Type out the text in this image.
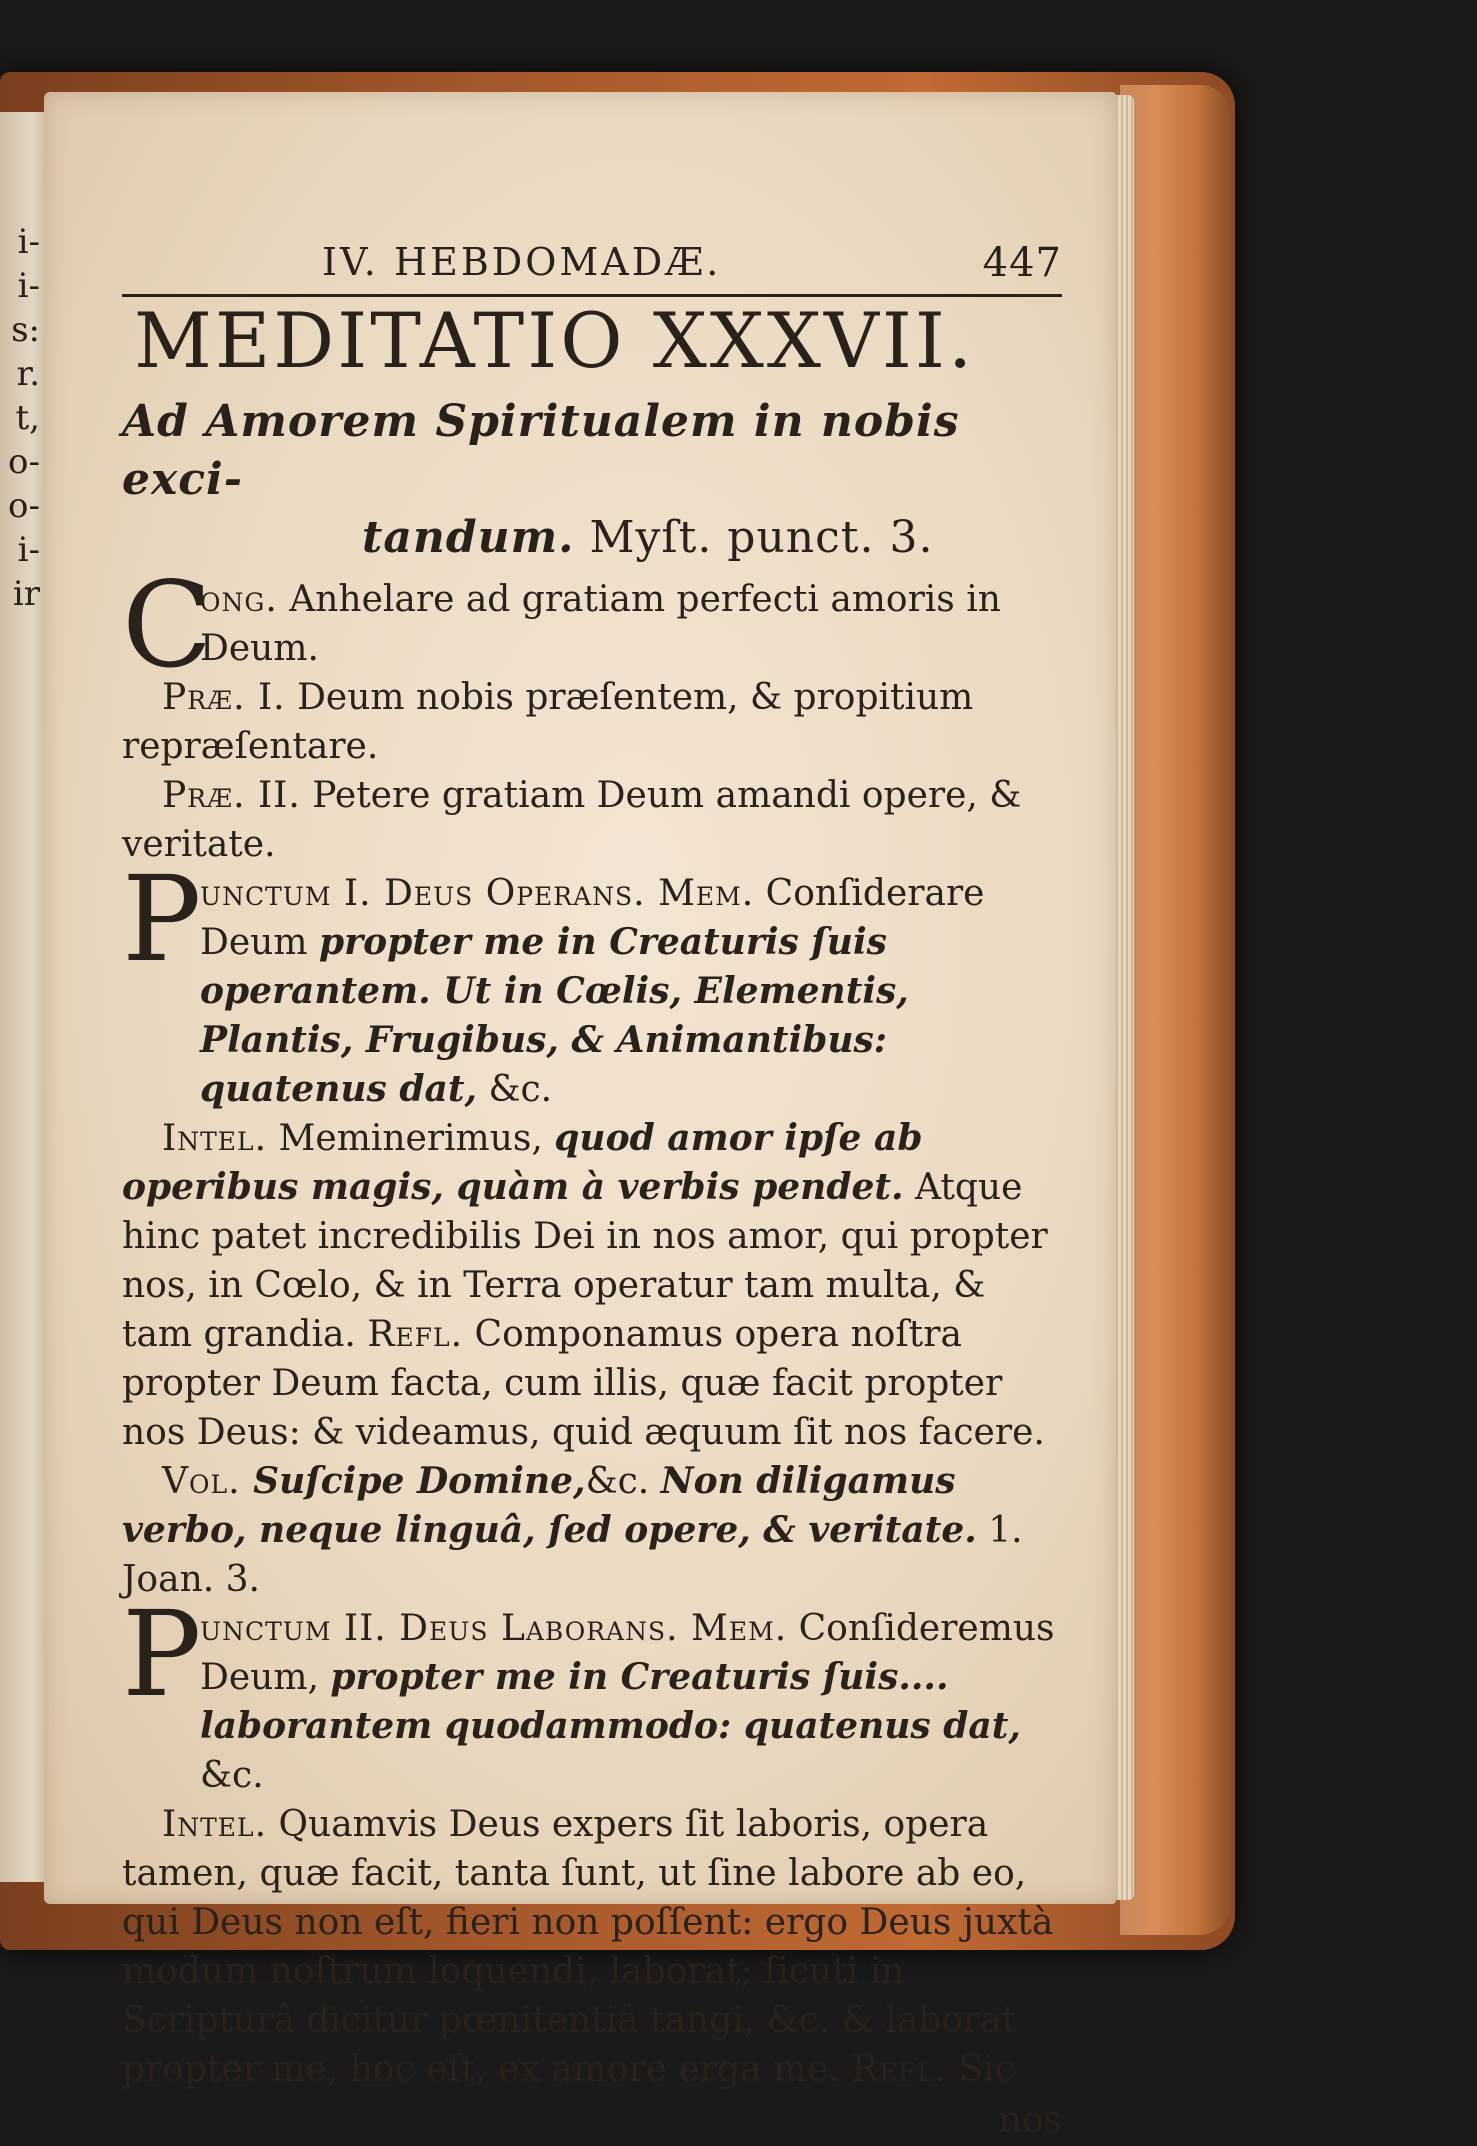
i-
i-
s:
r.
t,
o-
o-
i-
ir
IV. HEBDOMADÆ.	447
MEDITATIO XXXVII.
Ad Amorem Spiritualem in nobis exci-
tandum. Myſt. punct. 3.
C

ong. Anhelare ad gratiam perfecti amoris in Deum.

Præ. I. Deum nobis præſentem, & propitium repræſentare.

Præ. II. Petere gratiam Deum amandi opere, & veritate.

P

unctum I. Deus Operans. Mem. Conſiderare Deum propter me in Creaturis ſuis operantem. Ut in Cœlis, Elementis, Plantis, Frugibus, & Animantibus: quatenus dat, &c.

Intel. Meminerimus, quod amor ipſe ab operibus magis, quàm à verbis pendet. Atque hinc patet incredibilis Dei in nos amor, qui propter nos, in Cœlo, & in Terra operatur tam multa, & tam grandia. Refl. Componamus opera noſtra propter Deum facta, cum illis, quæ facit propter nos Deus: & videamus, quid æquum ſit nos facere.

Vol. Suſcipe Domine,&c. Non diligamus verbo, neque linguâ, ſed opere, & veritate. 1. Joan. 3.

P

unctum II. Deus Laborans. Mem. Conſideremus Deum, propter me in Creaturis ſuis.... laborantem quodammodo: quatenus dat, &c.

Intel. Quamvis Deus expers ſit laboris, opera tamen, quæ facit, tanta ſunt, ut ſine labore ab eo, qui Deus non eſt, fieri non poſſent: ergo Deus juxtà modum noſtrum loquendi, laborat; ſicuti in Scripturâ dicitur pœnitentiâ tangi, &c. & laborat propter me, hoc eſt, ex amore erga me. Refl. Sic

nos
